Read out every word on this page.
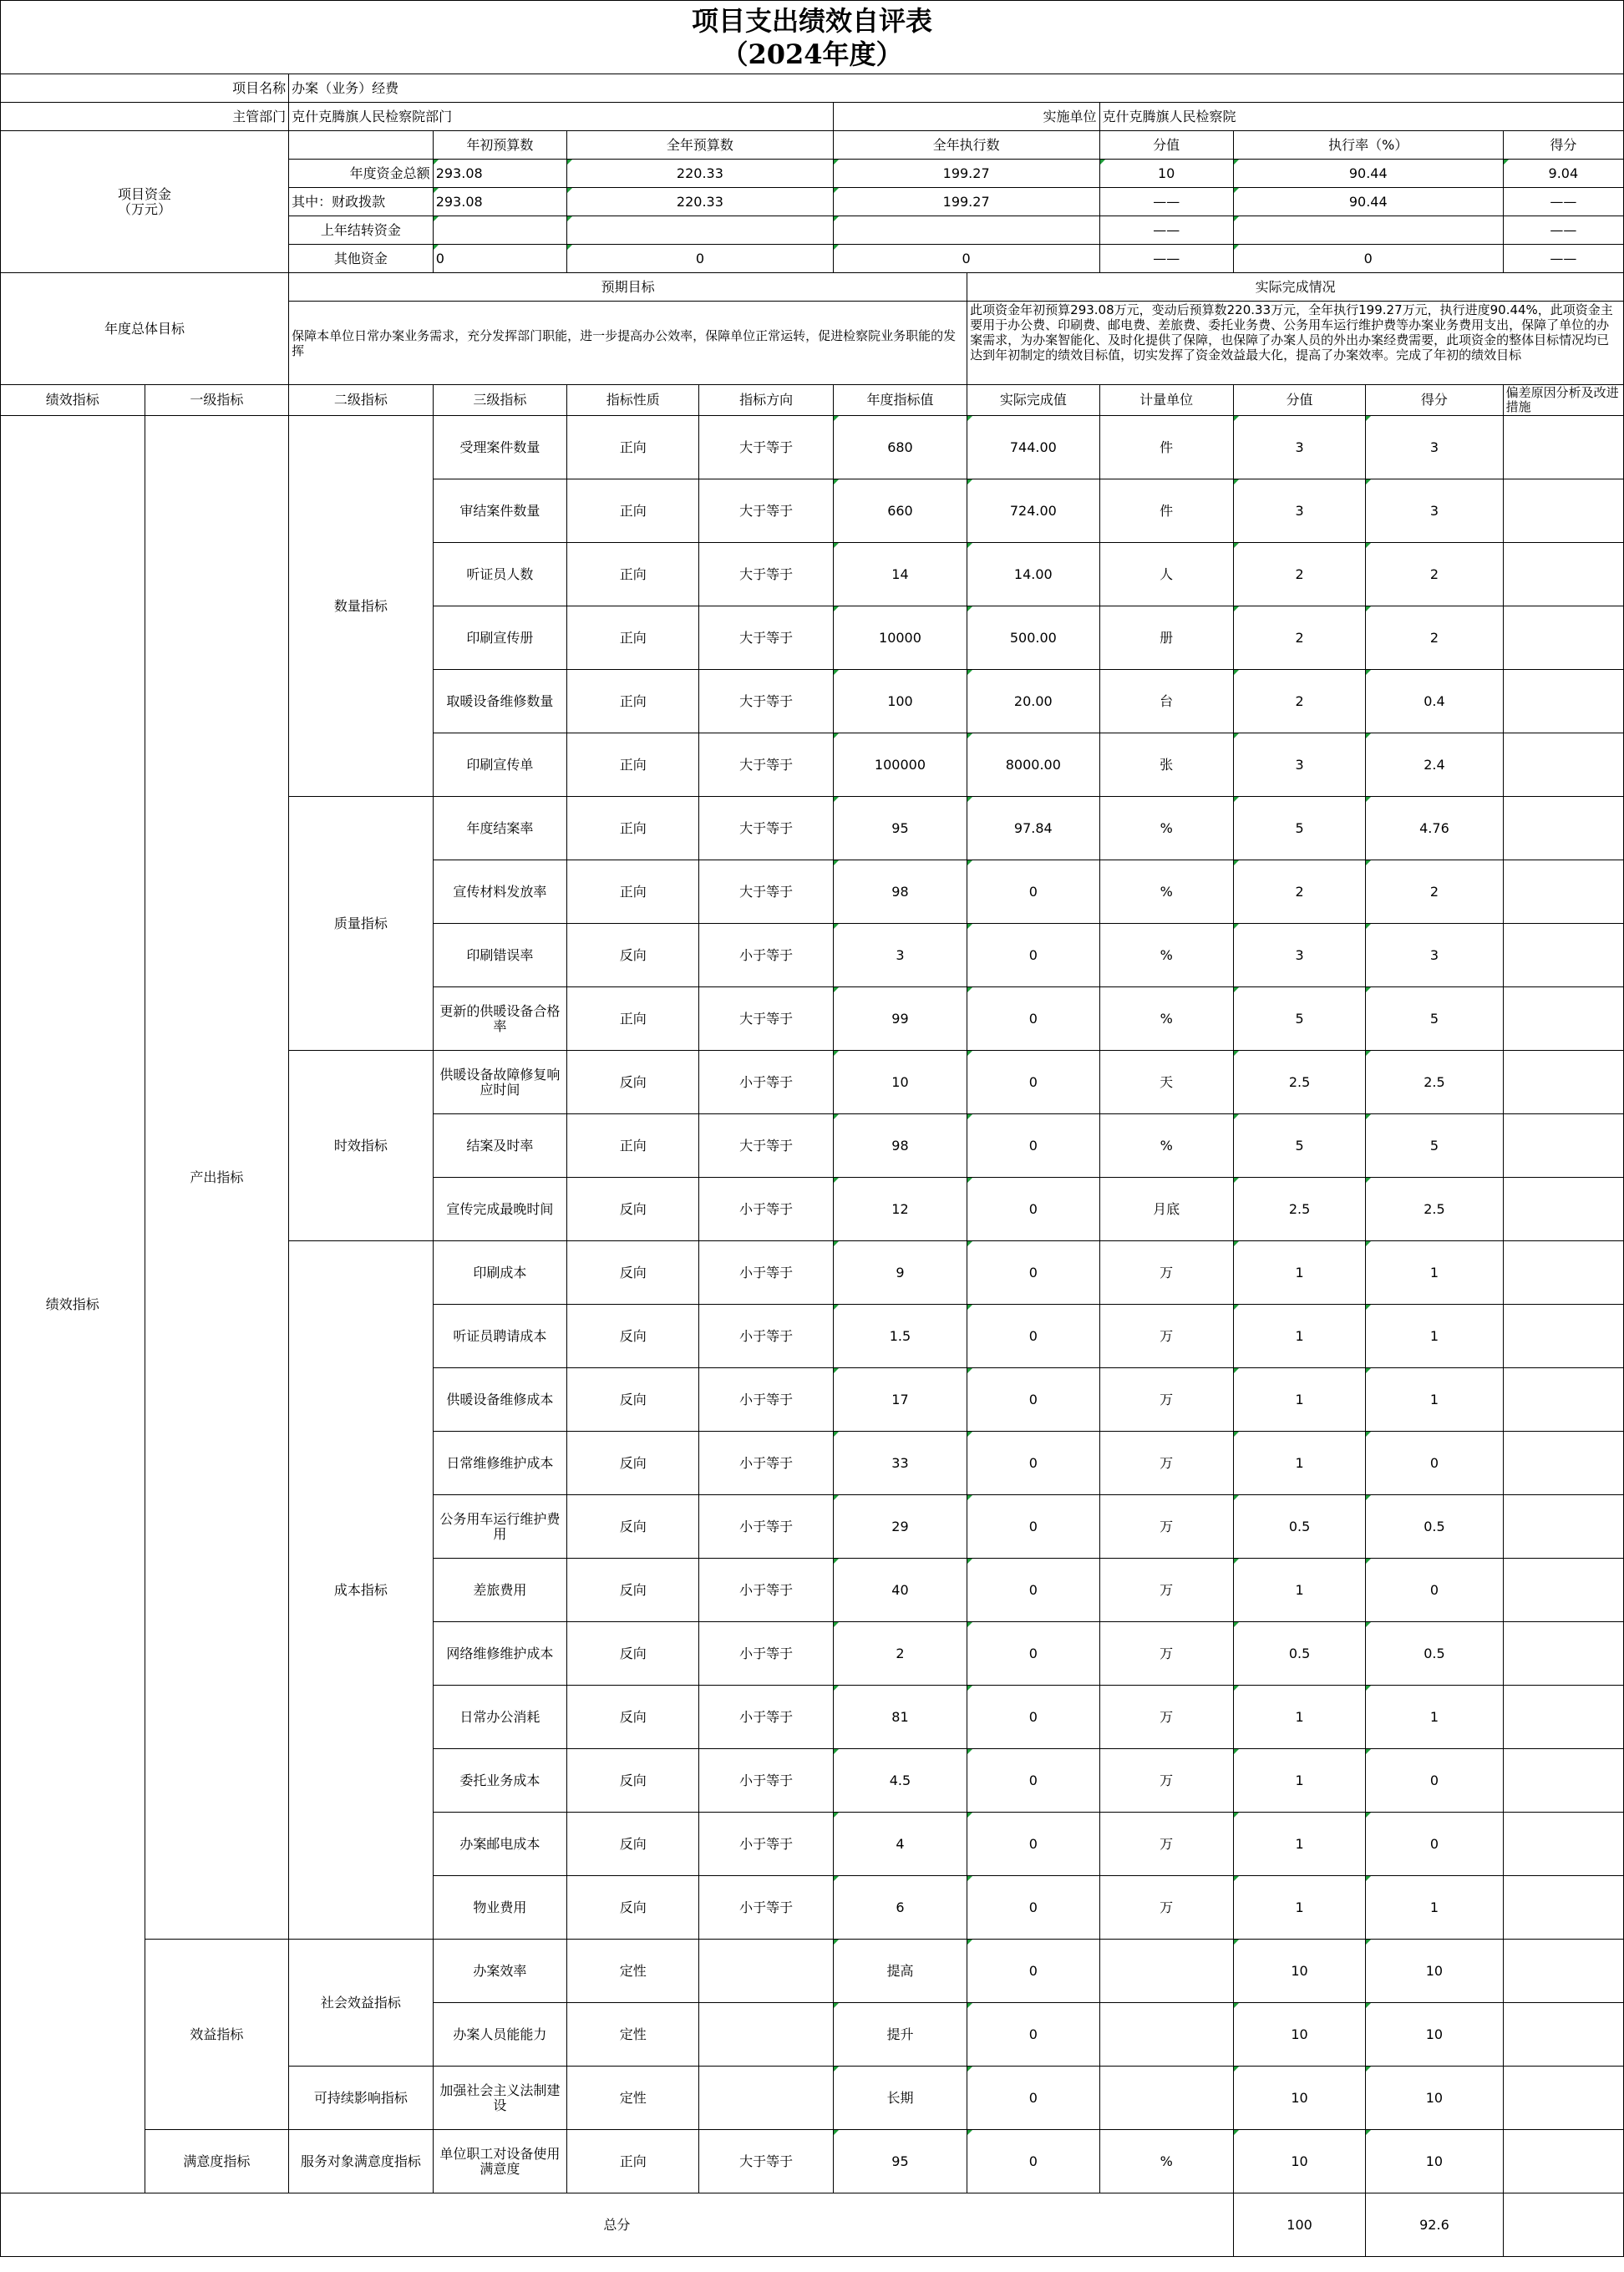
项目支出绩效自评表
（2024年度）											

项目名称		办案（业务）经费									
主管部门		克什克腾旗人民检察院部门				实施单位		克什克腾旗人民检察院			
项目资金
（万元）			年初预算数	全年预算数		全年执行数		分值	执行率（%）		得分
		年度资金总额	293.08	220.33		199.27		10	90.44		9.04
		其中：财政拨款	293.08	220.33		199.27		——	90.44		——
		上年结转资金						——			——
		其他资金	0	0		0		——	0		——
年度总体目标		预期目标					实际完成情况				
		保障本单位日常办案业务需求，充分发挥部门职能，进一步提高办公效率，保障单位正常运转，促进检察院业务职能的发挥					此项资金年初预算293.08万元，变动后预算数220.33万元，全年执行199.27万元，执行进度90.44%，此项资金主要用于办公费、印刷费、邮电费、差旅费、委托业务费、公务用车运行维护费等办案业务费用支出，保障了单位的办案需求，为办案智能化、及时化提供了保障，也保障了办案人员的外出办案经费需要，此项资金的整体目标情况均已达到年初制定的绩效目标值，切实发挥了资金效益最大化，提高了办案效率。完成了年初的绩效目标				
绩效指标	一级指标	二级指标	三级指标	指标性质	指标方向	年度指标值	实际完成值	计量单位	分值	得分	偏差原因分析及改进措施
绩效指标	产出指标	数量指标	受理案件数量	正向	大于等于	680	744.00	件	3	3	
			审结案件数量	正向	大于等于	660	724.00	件	3	3	
			听证员人数	正向	大于等于	14	14.00	人	2	2	
			印刷宣传册	正向	大于等于	10000	500.00	册	2	2	
			取暖设备维修数量	正向	大于等于	100	20.00	台	2	0.4	
			印刷宣传单	正向	大于等于	100000	8000.00	张	3	2.4	
		质量指标	年度结案率	正向	大于等于	95	97.84	%	5	4.76	
			宣传材料发放率	正向	大于等于	98	0	%	2	2	
			印刷错误率	反向	小于等于	3	0	%	3	3	
			更新的供暖设备合格率	正向	大于等于	99	0	%	5	5	
		时效指标	供暖设备故障修复响应时间	反向	小于等于	10	0	天	2.5	2.5	
			结案及时率	正向	大于等于	98	0	%	5	5	
			宣传完成最晚时间	反向	小于等于	12	0	月底	2.5	2.5	
		成本指标	印刷成本	反向	小于等于	9	0	万	1	1	
			听证员聘请成本	反向	小于等于	1.5	0	万	1	1	
			供暖设备维修成本	反向	小于等于	17	0	万	1	1	
			日常维修维护成本	反向	小于等于	33	0	万	1	0	
			公务用车运行维护费用	反向	小于等于	29	0	万	0.5	0.5	
			差旅费用	反向	小于等于	40	0	万	1	0	
			网络维修维护成本	反向	小于等于	2	0	万	0.5	0.5	
			日常办公消耗	反向	小于等于	81	0	万	1	1	
			委托业务成本	反向	小于等于	4.5	0	万	1	0	
			办案邮电成本	反向	小于等于	4	0	万	1	0	
			物业费用	反向	小于等于	6	0	万	1	1	
	效益指标	社会效益指标	办案效率	定性		提高	0		10	10	
			办案人员能能力	定性		提升	0		10	10	
		可持续影响指标	加强社会主义法制建设	定性		长期	0		10	10	
	满意度指标	服务对象满意度指标	单位职工对设备使用满意度	正向	大于等于	95	0	%	10	10	
总分									100	92.6	
